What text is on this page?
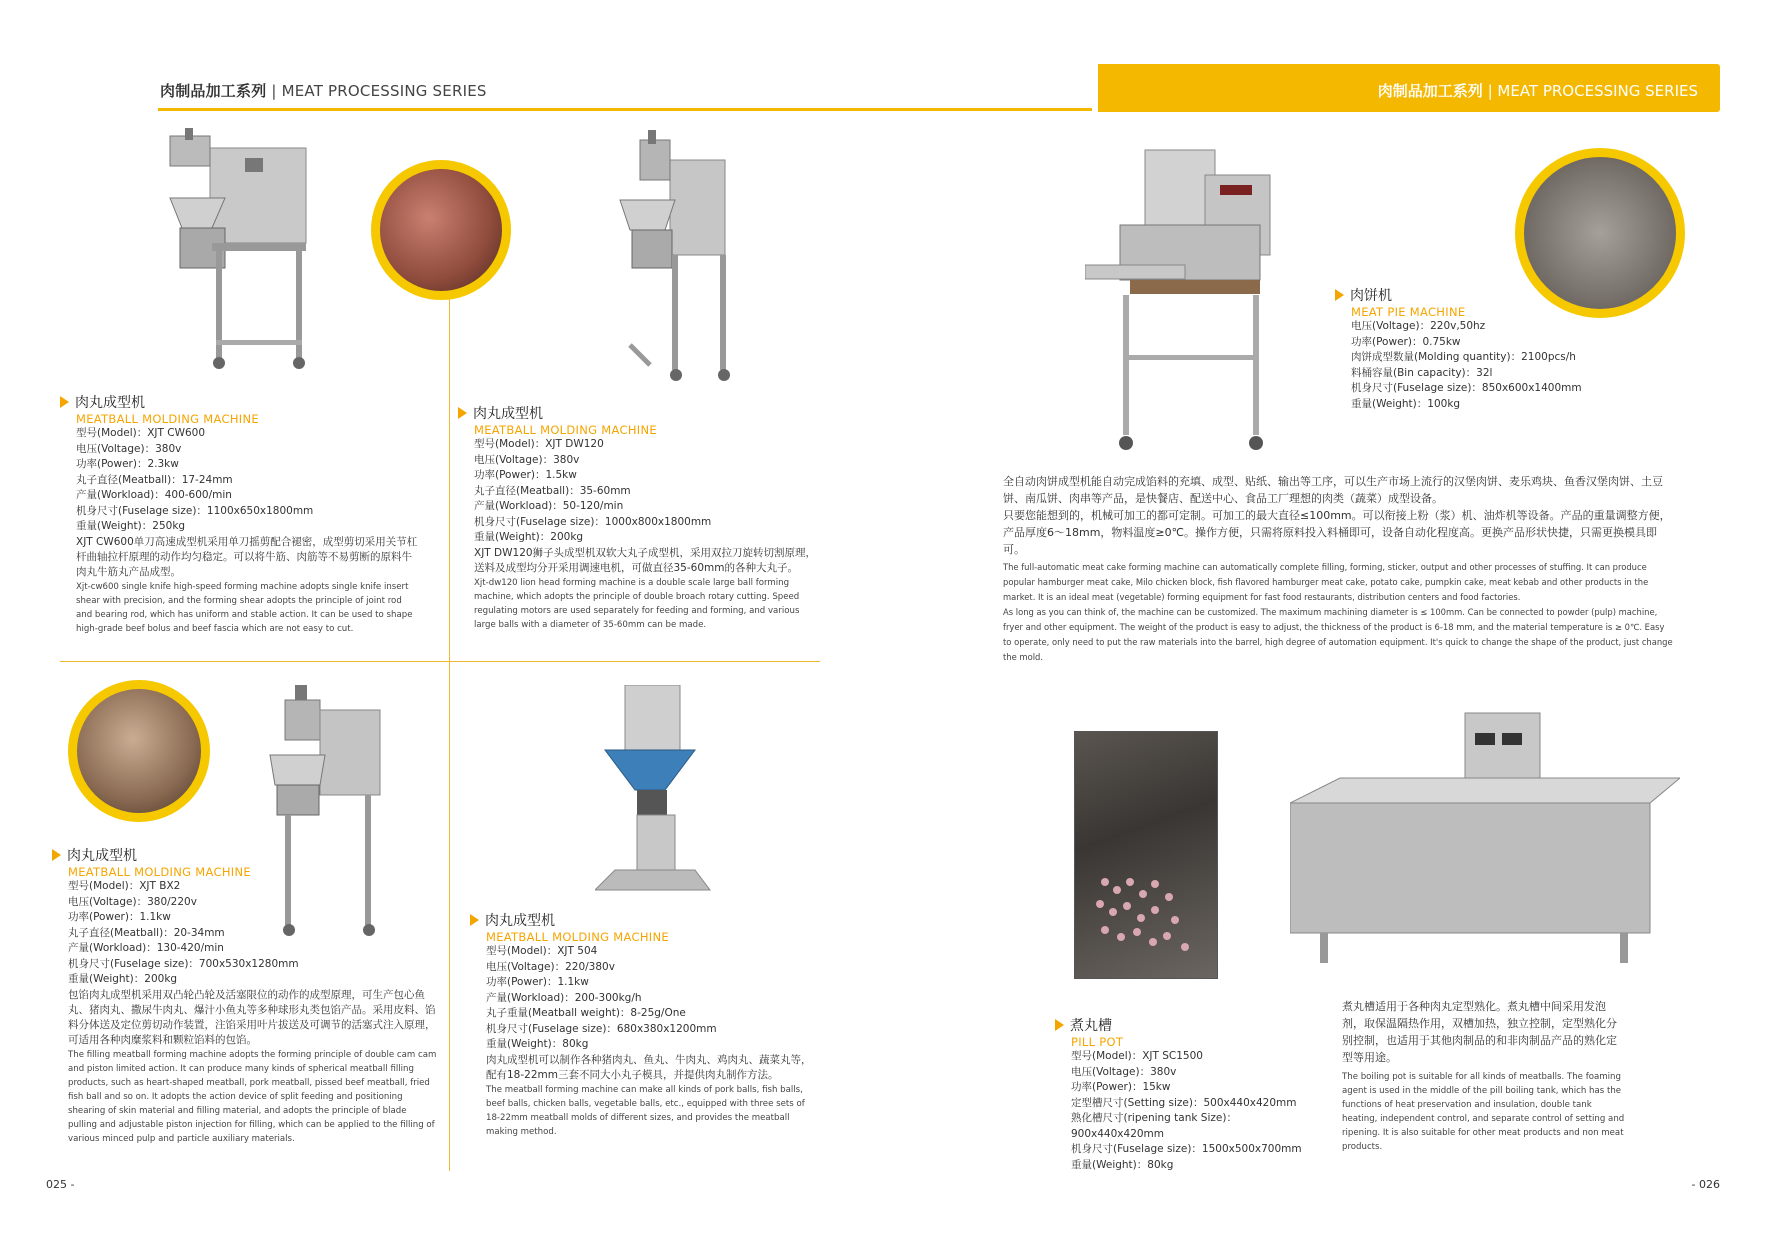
肉制品加工系列 | MEAT PROCESSING SERIES	肉制品加工系列 | MEAT PROCESSING SERIES
肉丸成型机
MEATBALL MOLDING MACHINE
型号(Model)：XJT CW600
电压(Voltage)：380v
功率(Power)：2.3kw
丸子直径(Meatball)：17-24mm
产量(Workload)：400-600/min
机身尺寸(Fuselage size)：1100x650x1800mm
重量(Weight)：250kg
XJT CW600单刀高速成型机采用单刀摇剪配合褪密，成型剪切采用关节杠杆曲轴拉杆原理的动作均匀稳定。可以将牛筋、肉筋等不易剪断的原料牛肉丸牛筋丸产品成型。
Xjt-cw600 single knife high-speed forming machine adopts single knife insert shear with precision, and the forming shear adopts the principle of joint rod and bearing rod, which has uniform and stable action. It can be used to shape high-grade beef bolus and beef fascia which are not easy to cut.
肉丸成型机
MEATBALL MOLDING MACHINE
型号(Model)：XJT DW120
电压(Voltage)：380v
功率(Power)：1.5kw
丸子直径(Meatball)：35-60mm
产量(Workload)：50-120/min
机身尺寸(Fuselage size)：1000x800x1800mm
重量(Weight)：200kg
XJT DW120狮子头成型机双软大丸子成型机，采用双拉刀旋转切割原理，送料及成型均分开采用调速电机，可做直径35-60mm的各种大丸子。
Xjt-dw120 lion head forming machine is a double scale large ball forming machine, which adopts the principle of double broach rotary cutting. Speed regulating motors are used separately for feeding and forming, and various large balls with a diameter of 35-60mm can be made.
肉丸成型机
MEATBALL MOLDING MACHINE
型号(Model)：XJT BX2
电压(Voltage)：380/220v
功率(Power)：1.1kw
丸子直径(Meatball)：20-34mm
产量(Workload)：130-420/min
机身尺寸(Fuselage size)：700x530x1280mm
重量(Weight)：200kg
包馅肉丸成型机采用双凸轮凸轮及活塞限位的动作的成型原理，可生产包心鱼丸、猪肉丸、撒尿牛肉丸、爆汁小鱼丸等多种球形丸类包馅产品。采用皮料、馅料分体送及定位剪切动作装置，注馅采用叶片拔送及可调节的活塞式注入原理，可适用各种肉糜浆料和颗粒馅料的包馅。
The filling meatball forming machine adopts the forming principle of double cam cam and piston limited action. It can produce many kinds of spherical meatball filling products, such as heart-shaped meatball, pork meatball, pissed beef meatball, fried fish ball and so on. It adopts the action device of split feeding and positioning shearing of skin material and filling material, and adopts the principle of blade pulling and adjustable piston injection for filling, which can be applied to the filling of various minced pulp and particle auxiliary materials.
肉丸成型机
MEATBALL MOLDING MACHINE
型号(Model)：XJT 504
电压(Voltage)：220/380v
功率(Power)：1.1kw
产量(Workload)：200-300kg/h
丸子重量(Meatball weight)：8-25g/One
机身尺寸(Fuselage size)：680x380x1200mm
重量(Weight)：80kg
肉丸成型机可以制作各种猪肉丸、鱼丸、牛肉丸、鸡肉丸、蔬菜丸等，配有18-22mm三套不同大小丸子模具，并提供肉丸制作方法。
The meatball forming machine can make all kinds of pork balls, fish balls, beef balls, chicken balls, vegetable balls, etc., equipped with three sets of 18-22mm meatball molds of different sizes, and provides the meatball making method.
肉饼机
MEAT PIE MACHINE
电压(Voltage)：220v,50hz
功率(Power)：0.75kw
肉饼成型数量(Molding quantity)：2100pcs/h
料桶容量(Bin capacity)：32l
机身尺寸(Fuselage size)：850x600x1400mm
重量(Weight)：100kg
全自动肉饼成型机能自动完成馅料的充填、成型、贴纸、输出等工序，可以生产市场上流行的汉堡肉饼、麦乐鸡块、鱼香汉堡肉饼、土豆饼、南瓜饼、肉串等产品，是快餐店、配送中心、食品工厂理想的肉类（蔬菜）成型设备。
只要您能想到的，机械可加工的都可定制。可加工的最大直径≤100mm。可以衔接上粉（浆）机、油炸机等设备。产品的重量调整方便，产品厚度6～18mm，物料温度≥0℃。操作方便，只需将原料投入料桶即可，设备自动化程度高。更换产品形状快捷，只需更换模具即可。
The full-automatic meat cake forming machine can automatically complete filling, forming, sticker, output and other processes of stuffing. It can produce popular hamburger meat cake, Milo chicken block, fish flavored hamburger meat cake, potato cake, pumpkin cake, meat kebab and other products in the market. It is an ideal meat (vegetable) forming equipment for fast food restaurants, distribution centers and food factories.
As long as you can think of, the machine can be customized. The maximum machining diameter is ≤ 100mm. Can be connected to powder (pulp) machine, fryer and other equipment. The weight of the product is easy to adjust, the thickness of the product is 6-18 mm, and the material temperature is ≥ 0℃. Easy to operate, only need to put the raw materials into the barrel, high degree of automation equipment. It's quick to change the shape of the product, just change the mold.
煮丸槽
PILL POT
型号(Model)：XJT SC1500
电压(Voltage)：380v
功率(Power)：15kw
定型槽尺寸(Setting size)：500x440x420mm
熟化槽尺寸(ripening tank Size)：900x440x420mm
机身尺寸(Fuselage size)：1500x500x700mm
重量(Weight)：80kg
煮丸槽适用于各种肉丸定型熟化。煮丸槽中间采用发泡剂，取保温隔热作用，双槽加热，独立控制，定型熟化分别控制，也适用于其他肉制品的和非肉制品产品的熟化定型等用途。
The boiling pot is suitable for all kinds of meatballs. The foaming agent is used in the middle of the pill boiling tank, which has the functions of heat preservation and insulation, double tank heating, independent control, and separate control of setting and ripening. It is also suitable for other meat products and non meat products.
025 -	- 026
